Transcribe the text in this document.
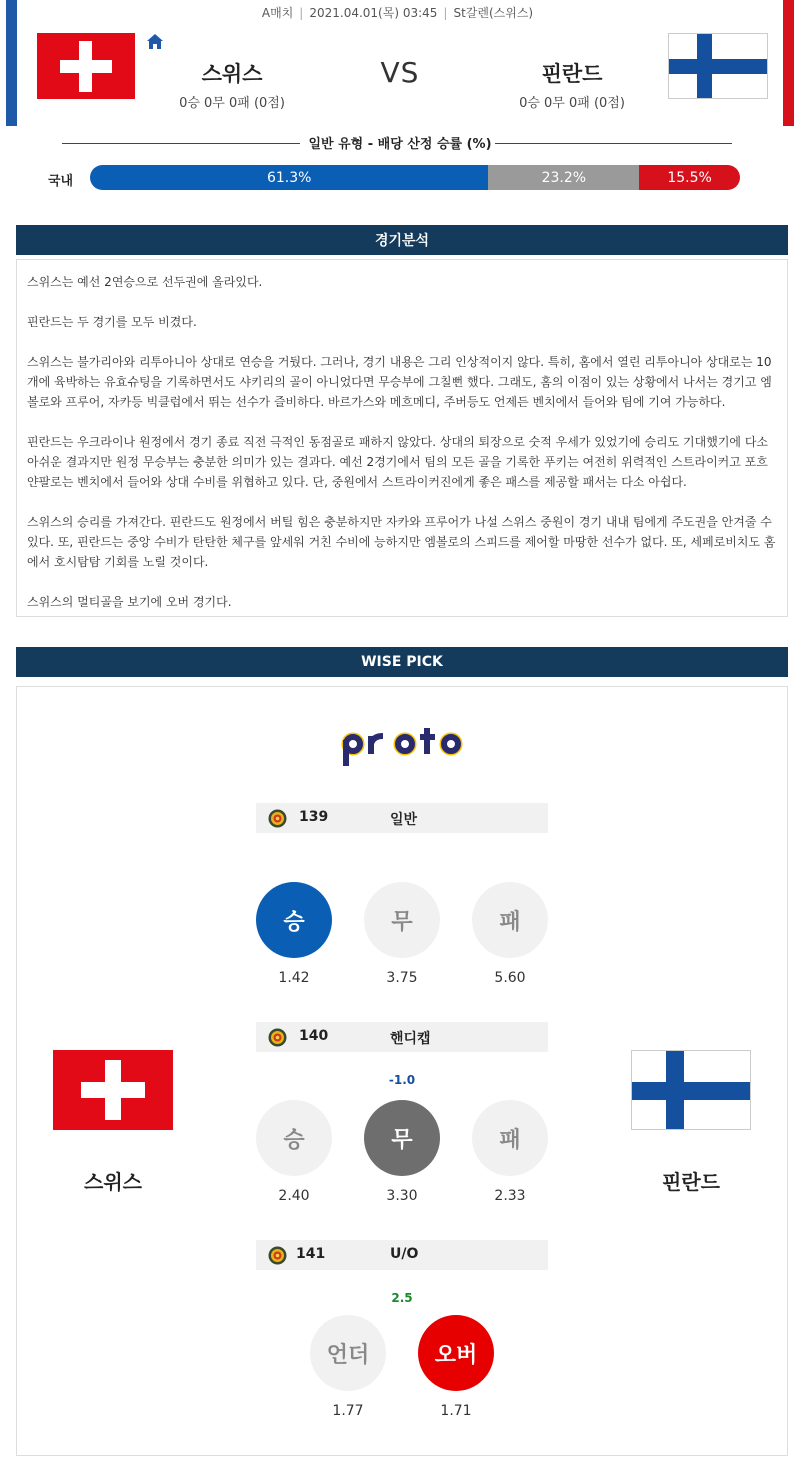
A매치 | 2021.04.01(목) 03:45 | St갈렌(스위스)
스위스
0승 0무 0패 (0점)
VS	핀란드
0승 0무 0패 (0점)
일반 유형 - 배당 산정 승률 (%)
국내	61.3%	23.2%	15.5%
경기분석

스위스는 예선 2연승으로 선두권에 올라있다.

핀란드는 두 경기를 모두 비겼다.

스위스는 불가리아와 리투아니아 상대로 연승을 거뒀다. 그러나, 경기 내용은 그리 인상적이지 않다. 특히, 홈에서 열린 리투아니아 상대로는 10개에 육박하는 유효슈팅을 기록하면서도 샤키리의 골이 아니었다면 무승부에 그칠뻔 했다. 그래도, 홈의 이점이 있는 상황에서 나서는 경기고 엠볼로와 프루어, 자카등 빅클럽에서 뛰는 선수가 즐비하다. 바르가스와 메흐메디, 주버등도 언제든 벤치에서 들어와 팀에 기여 가능하다.

핀란드는 우크라이나 원정에서 경기 종료 직전 극적인 동점골로 패하지 않았다. 상대의 퇴장으로 숫적 우세가 있었기에 승리도 기대했기에 다소 아쉬운 결과지만 원정 무승부는 충분한 의미가 있는 결과다. 예선 2경기에서 팀의 모든 골을 기록한 푸키는 여전히 위력적인 스트라이커고 포흐얀팔로는 벤치에서 들어와 상대 수비를 위협하고 있다. 단, 중원에서 스트라이커진에게 좋은 패스를 제공할 패서는 다소 아쉽다.

스위스의 승리를 가져간다. 핀란드도 원정에서 버틸 힘은 충분하지만 자카와 프루어가 나설 스위스 중원이 경기 내내 팀에게 주도권을 안겨줄 수 있다. 또, 핀란드는 중앙 수비가 탄탄한 체구를 앞세워 거친 수비에 능하지만 엠볼로의 스피드를 제어할 마땅한 선수가 없다. 또, 세페로비치도 홈에서 호시탐탐 기회를 노릴 것이다.

스위스의 멀티골을 보기에 오버 경기다.

WISE PICK
proto
139	일반
승	무	패
1.42	3.75	5.60
140	핸디캡
-1.0
승	무	패
2.40	3.30	2.33
141	U/O
2.5
언더	오버
1.77	1.71
스위스	핀란드
